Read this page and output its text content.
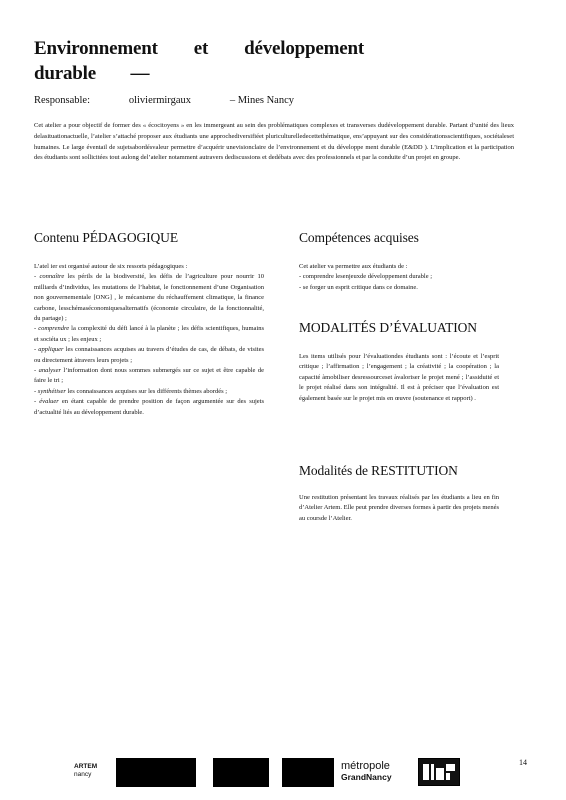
Environnement et développement
durable —
Responsable:	oliviermirgaux	– Mines Nancy

Cet atelier a pour objectif de former des « écocitoyens » en les immergeant au sein des problématiques complexes et transverses dudéveloppement durable. Partant d’unité des lieux delasituationactuelle, l’atelier s’attaché proposer aux étudiants une approchediversifiéet pluriculturelledecettethématique, ens’appuyant sur des considérationsscientifiques, sociétaleset humaines. Le large éventail de sujetsabordésvaleur permettre d’acquérir unevisionclaire de l’environnement et du développe ment durable (E&DD ). L’implication et la participation des étudiants sont sollicitées tout aulong del’atelier notamment autravers dediscussions et dedébats avec des professionnels et par la conduite d’un projet en groupe.

Contenu PÉDAGOGIQUE

L’atel ier est organisé autour de six ressorts pédagogiques :

- connaître les périls de la biodiversité, les défis de l’agriculture pour nourrir 10 milliards d’individus, les mutations de l’habitat, le fonctionnement d’une Organisation non gouvernementale [ONG] , le mécanisme du réchauffement climatique, la finance carbone, lesschémaséconomiquesalternatifs (économie circulaire, de la fonctionnalité, du partage) ;
- comprendre la complexité du défi lancé à la planète ; les défis scientifiques, humains et sociéta ux ; les enjeux ;
- appliquer les connaissances acquises au travers d’études de cas, de débats, de visites ou directement àtravers leurs projets ;
- analyser l’information dont nous sommes submergés sur ce sujet et être capable de faire le tri ;
- synthétiser les connaissances acquises sur les différents thèmes abordés ;
- évaluer en étant capable de prendre position de façon argumentée sur des sujets d’actualité liés au développement durable.
Compétences acquises

Cet atelier va permettre aux étudiants de :

- comprendre lesenjeuxde développement durable ;
- se forger un esprit critique dans ce domaine.
MODALITÉS D’ÉVALUATION

Les items utilisés pour l’évaluationdes étudiants sont : l’écoute et l’esprit critique ; l’affirmation ; l’engagement ; la créativité ; la coopération ; la capacité àmobiliser desressourceset àvaloriser le projet mené ; l’assiduité et le projet réalisé dans son intégralité. Il est à préciser que l’évaluation est également basée sur le projet mis en œuvre (soutenance et rapport) .

Modalités de RESTITUTION

Une restitution présentant les travaux réalisés par les étudiants a lieu en fin d’Atelier Artem. Elle peut prendre diverses formes à partir des projets menés au coursde l’Atelier.

ARTEM
nancy
métropole
GrandNancy
14
